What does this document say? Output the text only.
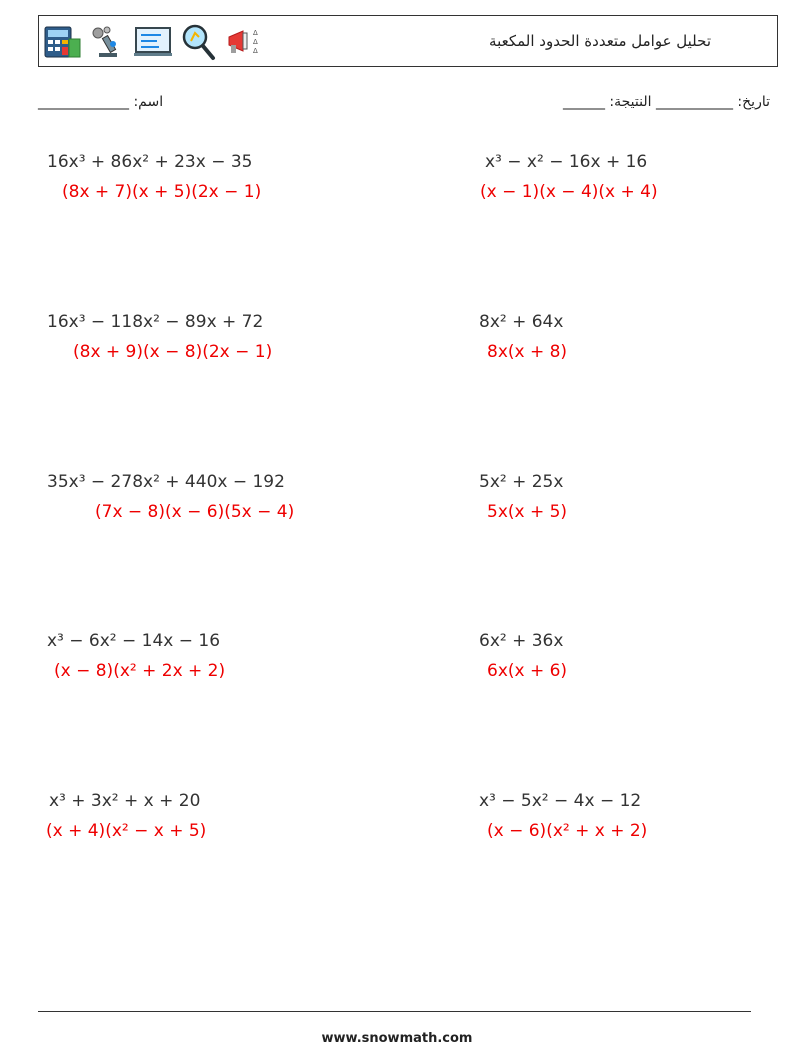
Δ
Δ
Δ
تحليل عوامل متعددة الحدود المكعبة
_____________ :اسم	______ :تاريخ: ___________ النتيجة
16x³ + 86x² + 23x − 35
(8x + 7)(x + 5)(2x − 1)
x³ − x² − 16x + 16
(x − 1)(x − 4)(x + 4)
16x³ − 118x² − 89x + 72
(8x + 9)(x − 8)(2x − 1)
8x² + 64x
8x(x + 8)
35x³ − 278x² + 440x − 192
(7x − 8)(x − 6)(5x − 4)
5x² + 25x
5x(x + 5)
x³ − 6x² − 14x − 16
(x − 8)(x² + 2x + 2)
6x² + 36x
6x(x + 6)
x³ + 3x² + x + 20
(x + 4)(x² − x + 5)
x³ − 5x² − 4x − 12
(x − 6)(x² + x + 2)
www.snowmath.com
